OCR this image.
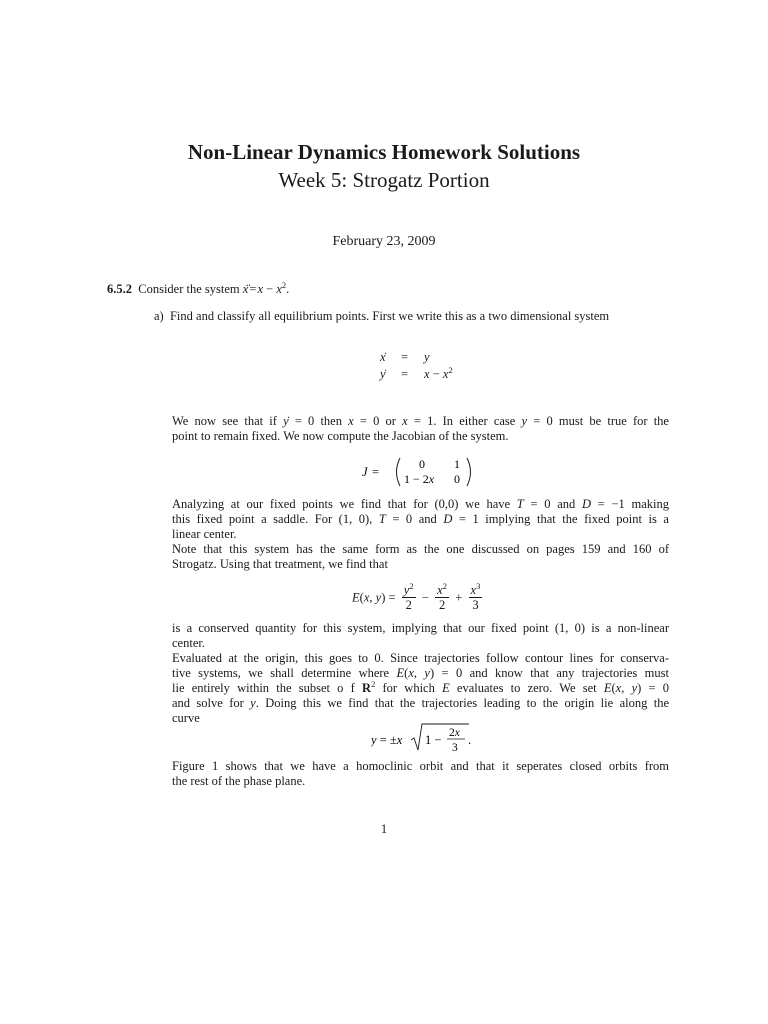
Non-Linear Dynamics Homework Solutions
Week 5: Strogatz Portion
February 23, 2009
6.5.2 Consider the system ẍ = $x - x^2$.
a) Find and classify all equilibrium points. First we write this as a two dimensional system
x = y
$y = x - x^2$
We now see that if ẏ = 0 then x = 0 or x = 1. In either case y = 0 must be true for the
point to remain fixed. We now compute the Jacobian of the system.
J =
0 1
1 − 2x 0
Analyzing at our fixed points we find that for (0,0) we have T = 0 and D = −1 making
this fixed point a saddle. For (1, 0), T = 0 and D = 1 implying that the fixed point is a
linear center.
Note that this system has the same form as the one discussed on pages 159 and 160 of
Strogatz. Using that treatment, we find that
E(x, $y) = \frac{y^2}{2} - \frac{x^2}{2} + \frac{x^3}{3}$
is a conserved quantity for this system, implying that our fixed point (1, 0) is a non-linear
center.
Evaluated at the origin, this goes to 0. Since trajectories follow contour lines for conserva-
tive systems, we shall determine where E(x, y) = 0 and know that any trajectories must
lie entirely within the subset o f $R^2$ for which E evaluates to zero. We set E(x, y) = 0
and solve for y. Doing this we find that the trajectories leading to the origin lie along the
curve
y = ±x 1 − 2x
3
.
Figure 1 shows that we have a homoclinic orbit and that it seperates closed orbits from
the rest of the phase plane.
1
